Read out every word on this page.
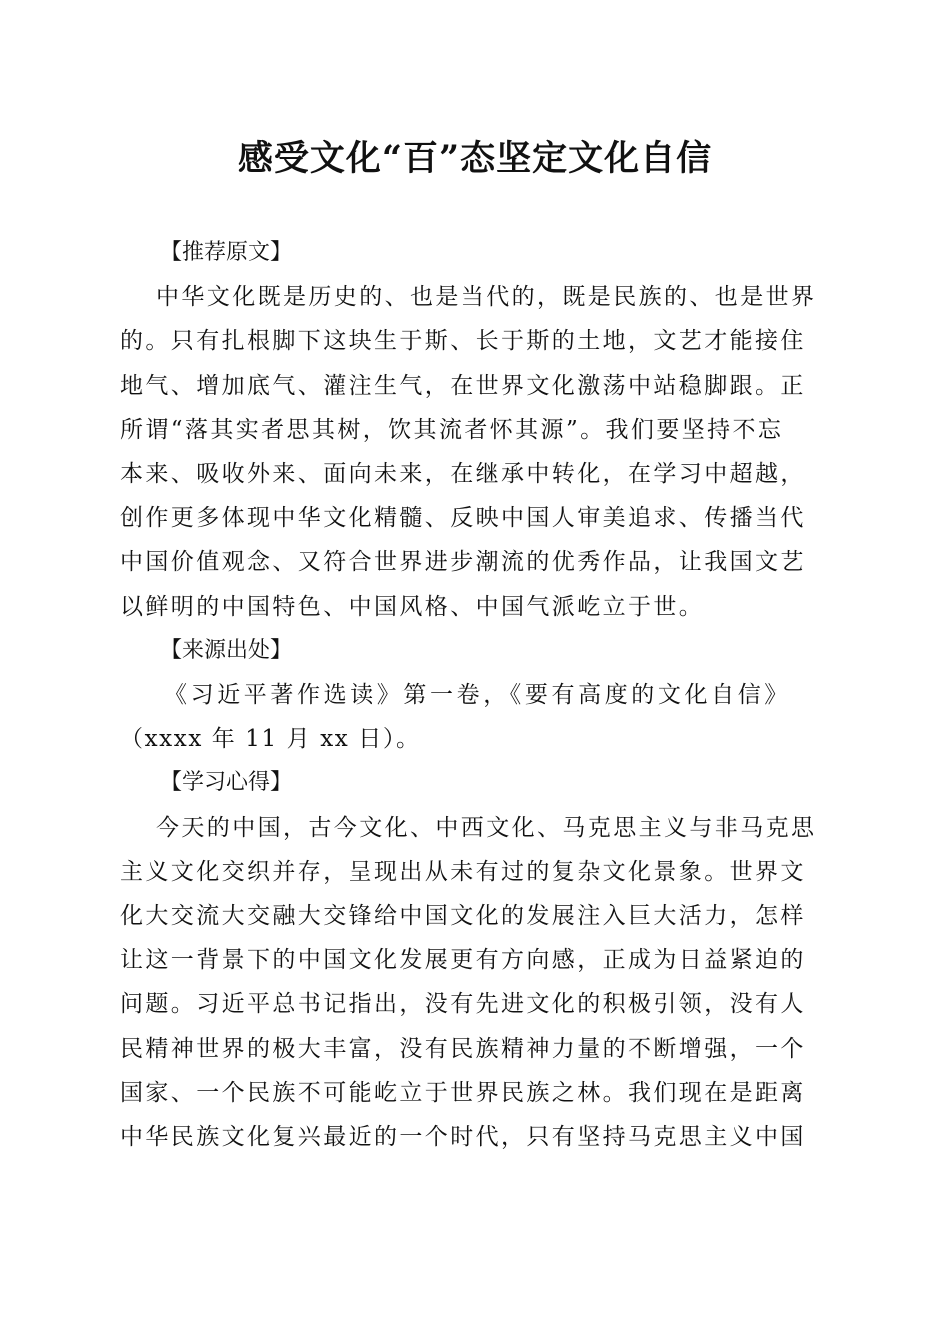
感受文化“百”态坚定文化自信
【推荐原文】
中华文化既是历史的、也是当代的，既是民族的、也是世界
的。只有扎根脚下这块生于斯、长于斯的土地，文艺才能接住
地气、增加底气、灌注生气，在世界文化激荡中站稳脚跟。正
所谓“落其实者思其树，饮其流者怀其源”。我们要坚持不忘
本来、吸收外来、面向未来，在继承中转化，在学习中超越，
创作更多体现中华文化精髓、反映中国人审美追求、传播当代
中国价值观念、又符合世界进步潮流的优秀作品，让我国文艺
以鲜明的中国特色、中国风格、中国气派屹立于世。
【来源出处】
《习近平著作选读》第一卷，《要有高度的文化自信》
（xxxx 年 11 月 xx 日）。
【学习心得】
今天的中国，古今文化、中西文化、马克思主义与非马克思
主义文化交织并存，呈现出从未有过的复杂文化景象。世界文
化大交流大交融大交锋给中国文化的发展注入巨大活力，怎样
让这一背景下的中国文化发展更有方向感，正成为日益紧迫的
问题。习近平总书记指出，没有先进文化的积极引领，没有人
民精神世界的极大丰富，没有民族精神力量的不断增强，一个
国家、一个民族不可能屹立于世界民族之林。我们现在是距离
中华民族文化复兴最近的一个时代，只有坚持马克思主义中国
